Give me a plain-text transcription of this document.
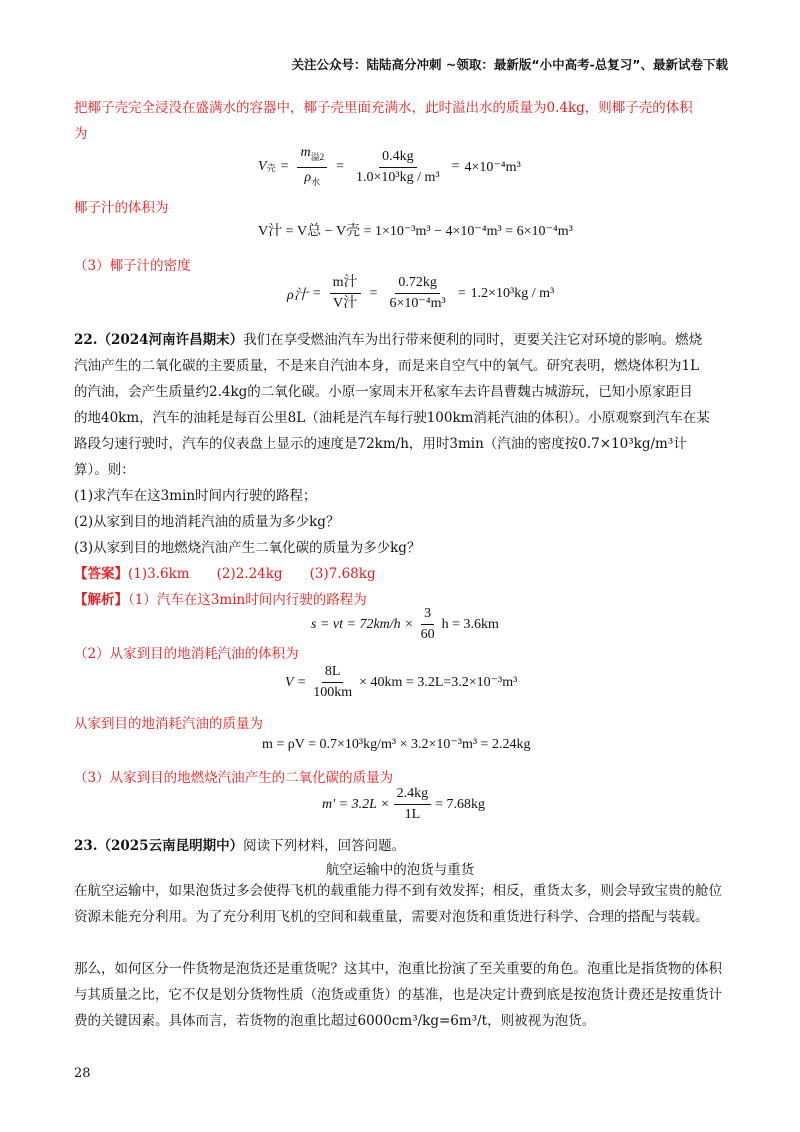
关注公众号：陆陆高分冲刺 ~领取：最新版“小中高考-总复习”、最新试卷下载
把椰子壳完全浸没在盛满水的容器中，椰子壳里面充满水，此时溢出水的质量为0.4kg，则椰子壳的体积
为
V 壳 = $\frac{m_{溢2}}{\rho_水} = \frac{0.4kg}{\text{1.0×10³kg / m³}} = 4\times 10^{-4}m^3$
椰子汁的体积为
V汁 = V总 − V壳 = 1×10⁻³m³ − 4×10⁻⁴m³ = 6×10⁻⁴m³
（3）椰子汁的密度
ρ汁 = $\frac{\text{m汁}}{\text{V汁}} = \frac{0.72kg}{\text{6×10⁻⁴m³}} = 1.2\times 10^3kg / m^3$
22.（2024河南许昌期末）我们在享受燃油汽车为出行带来便利的同时，更要关注它对环境的影响。燃烧
汽油产生的二氧化碳的主要质量，不是来自汽油本身，而是来自空气中的氧气。研究表明，燃烧体积为1L
的汽油，会产生质量约2.4kg的二氧化碳。小原一家周末开私家车去许昌曹魏古城游玩，已知小原家距目
的地40km，汽车的油耗是每百公里8L（油耗是汽车每行驶100km消耗汽油的体积）。小原观察到汽车在某
路段匀速行驶时，汽车的仪表盘上显示的速度是72km/h，用时3min（汽油的密度按0.7×10³kg/m³计
算）。则：
(1)求汽车在这3min时间内行驶的路程；
(2)从家到目的地消耗汽油的质量为多少kg？
(3)从家到目的地燃烧汽油产生二氧化碳的质量为多少kg？
【答案】(1)3.6km　　(2)2.24kg　　(3)7.68kg
【解析】（1）汽车在这3min时间内行驶的路程为
s = vt = $72km/h \times \frac{3}{60}$ h = 3.6km
（2）从家到目的地消耗汽油的体积为
$V = \frac{8L}{100km} \times 40km = 3.2L=3.2\times 10^{-3}m^3$
从家到目的地消耗汽油的质量为
m = ρV = 0.7×10³kg/m³ × 3.2×10⁻³m³ = 2.24kg
（3）从家到目的地燃烧汽油产生的二氧化碳的质量为
$m' = 3.2L \times \frac{2.4kg}{1L} = 7.68kg$
23.（2025云南昆明期中）阅读下列材料，回答问题。
航空运输中的泡货与重货
在航空运输中，如果泡货过多会使得飞机的载重能力得不到有效发挥；相反，重货太多，则会导致宝贵的舱位资源未能充分利用。为了充分利用飞机的空间和载重量，需要对泡货和重货进行科学、合理的搭配与装载。
那么，如何区分一件货物是泡货还是重货呢？这其中，泡重比扮演了至关重要的角色。泡重比是指货物的体积与其质量之比，它不仅是划分货物性质（泡货或重货）的基准，也是决定计费到底是按泡货计费还是按重货计费的关键因素。具体而言，若货物的泡重比超过6000cm³/kg=6m³/t，则被视为泡货。
28
